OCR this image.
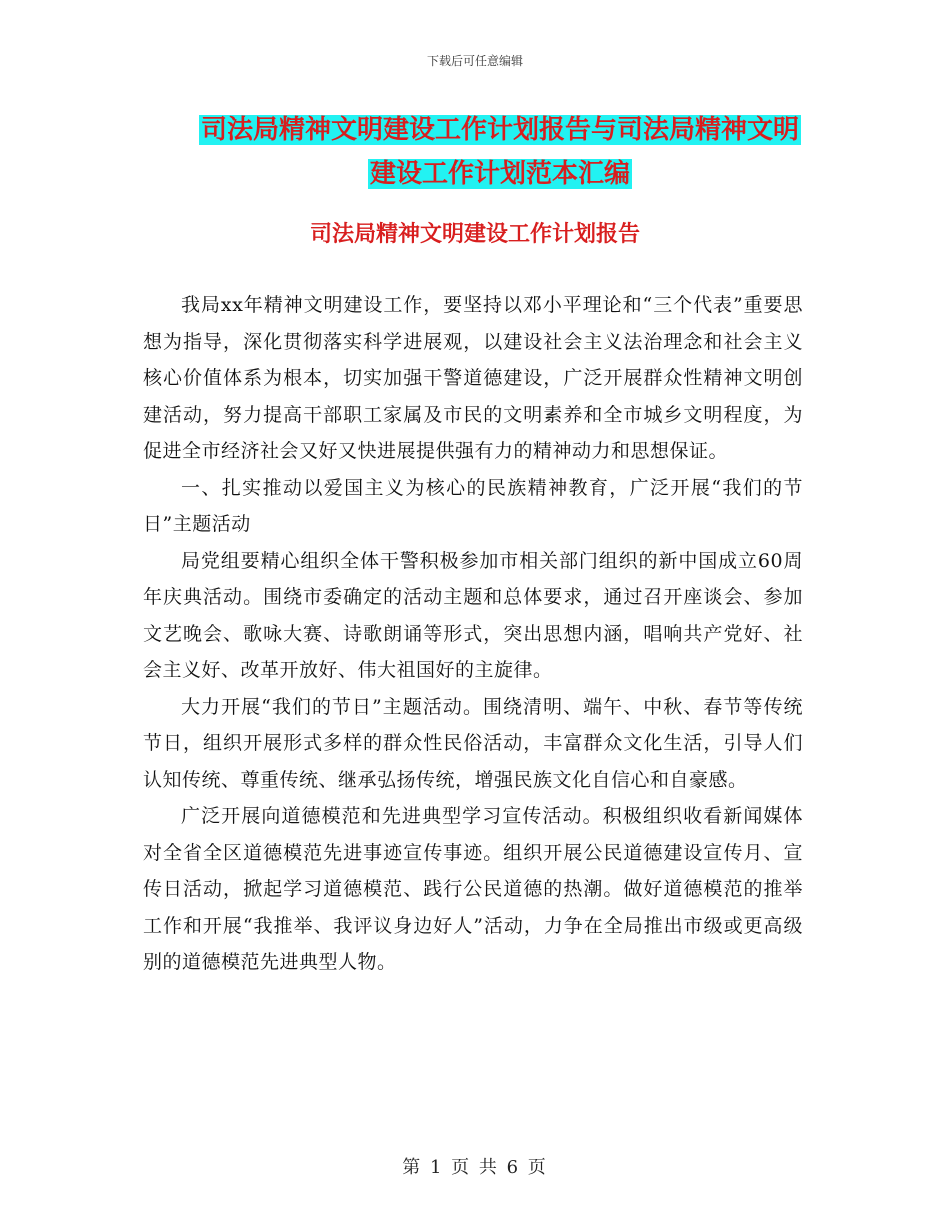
下载后可任意编辑
司法局精神文明建设工作计划报告与司法局精神文明
建设工作计划范本汇编
司法局精神文明建设工作计划报告

我局xx年精神文明建设工作，要坚持以邓小平理论和“三个代表”重要思想为指导，深化贯彻落实科学进展观，以建设社会主义法治理念和社会主义核心价值体系为根本，切实加强干警道德建设，广泛开展群众性精神文明创建活动，努力提高干部职工家属及市民的文明素养和全市城乡文明程度，为促进全市经济社会又好又快进展提供强有力的精神动力和思想保证。

一、扎实推动以爱国主义为核心的民族精神教育，广泛开展“我们的节日”主题活动

局党组要精心组织全体干警积极参加市相关部门组织的新中国成立60周年庆典活动。围绕市委确定的活动主题和总体要求，通过召开座谈会、参加文艺晚会、歌咏大赛、诗歌朗诵等形式，突出思想内涵，唱响共产党好、社会主义好、改革开放好、伟大祖国好的主旋律。

大力开展“我们的节日”主题活动。围绕清明、端午、中秋、春节等传统节日，组织开展形式多样的群众性民俗活动，丰富群众文化生活，引导人们认知传统、尊重传统、继承弘扬传统，增强民族文化自信心和自豪感。

广泛开展向道德模范和先进典型学习宣传活动。积极组织收看新闻媒体对全省全区道德模范先进事迹宣传事迹。组织开展公民道德建设宣传月、宣传日活动，掀起学习道德模范、践行公民道德的热潮。做好道德模范的推举工作和开展“我推举、我评议身边好人”活动，力争在全局推出市级或更高级别的道德模范先进典型人物。

第 1 页 共 6 页
